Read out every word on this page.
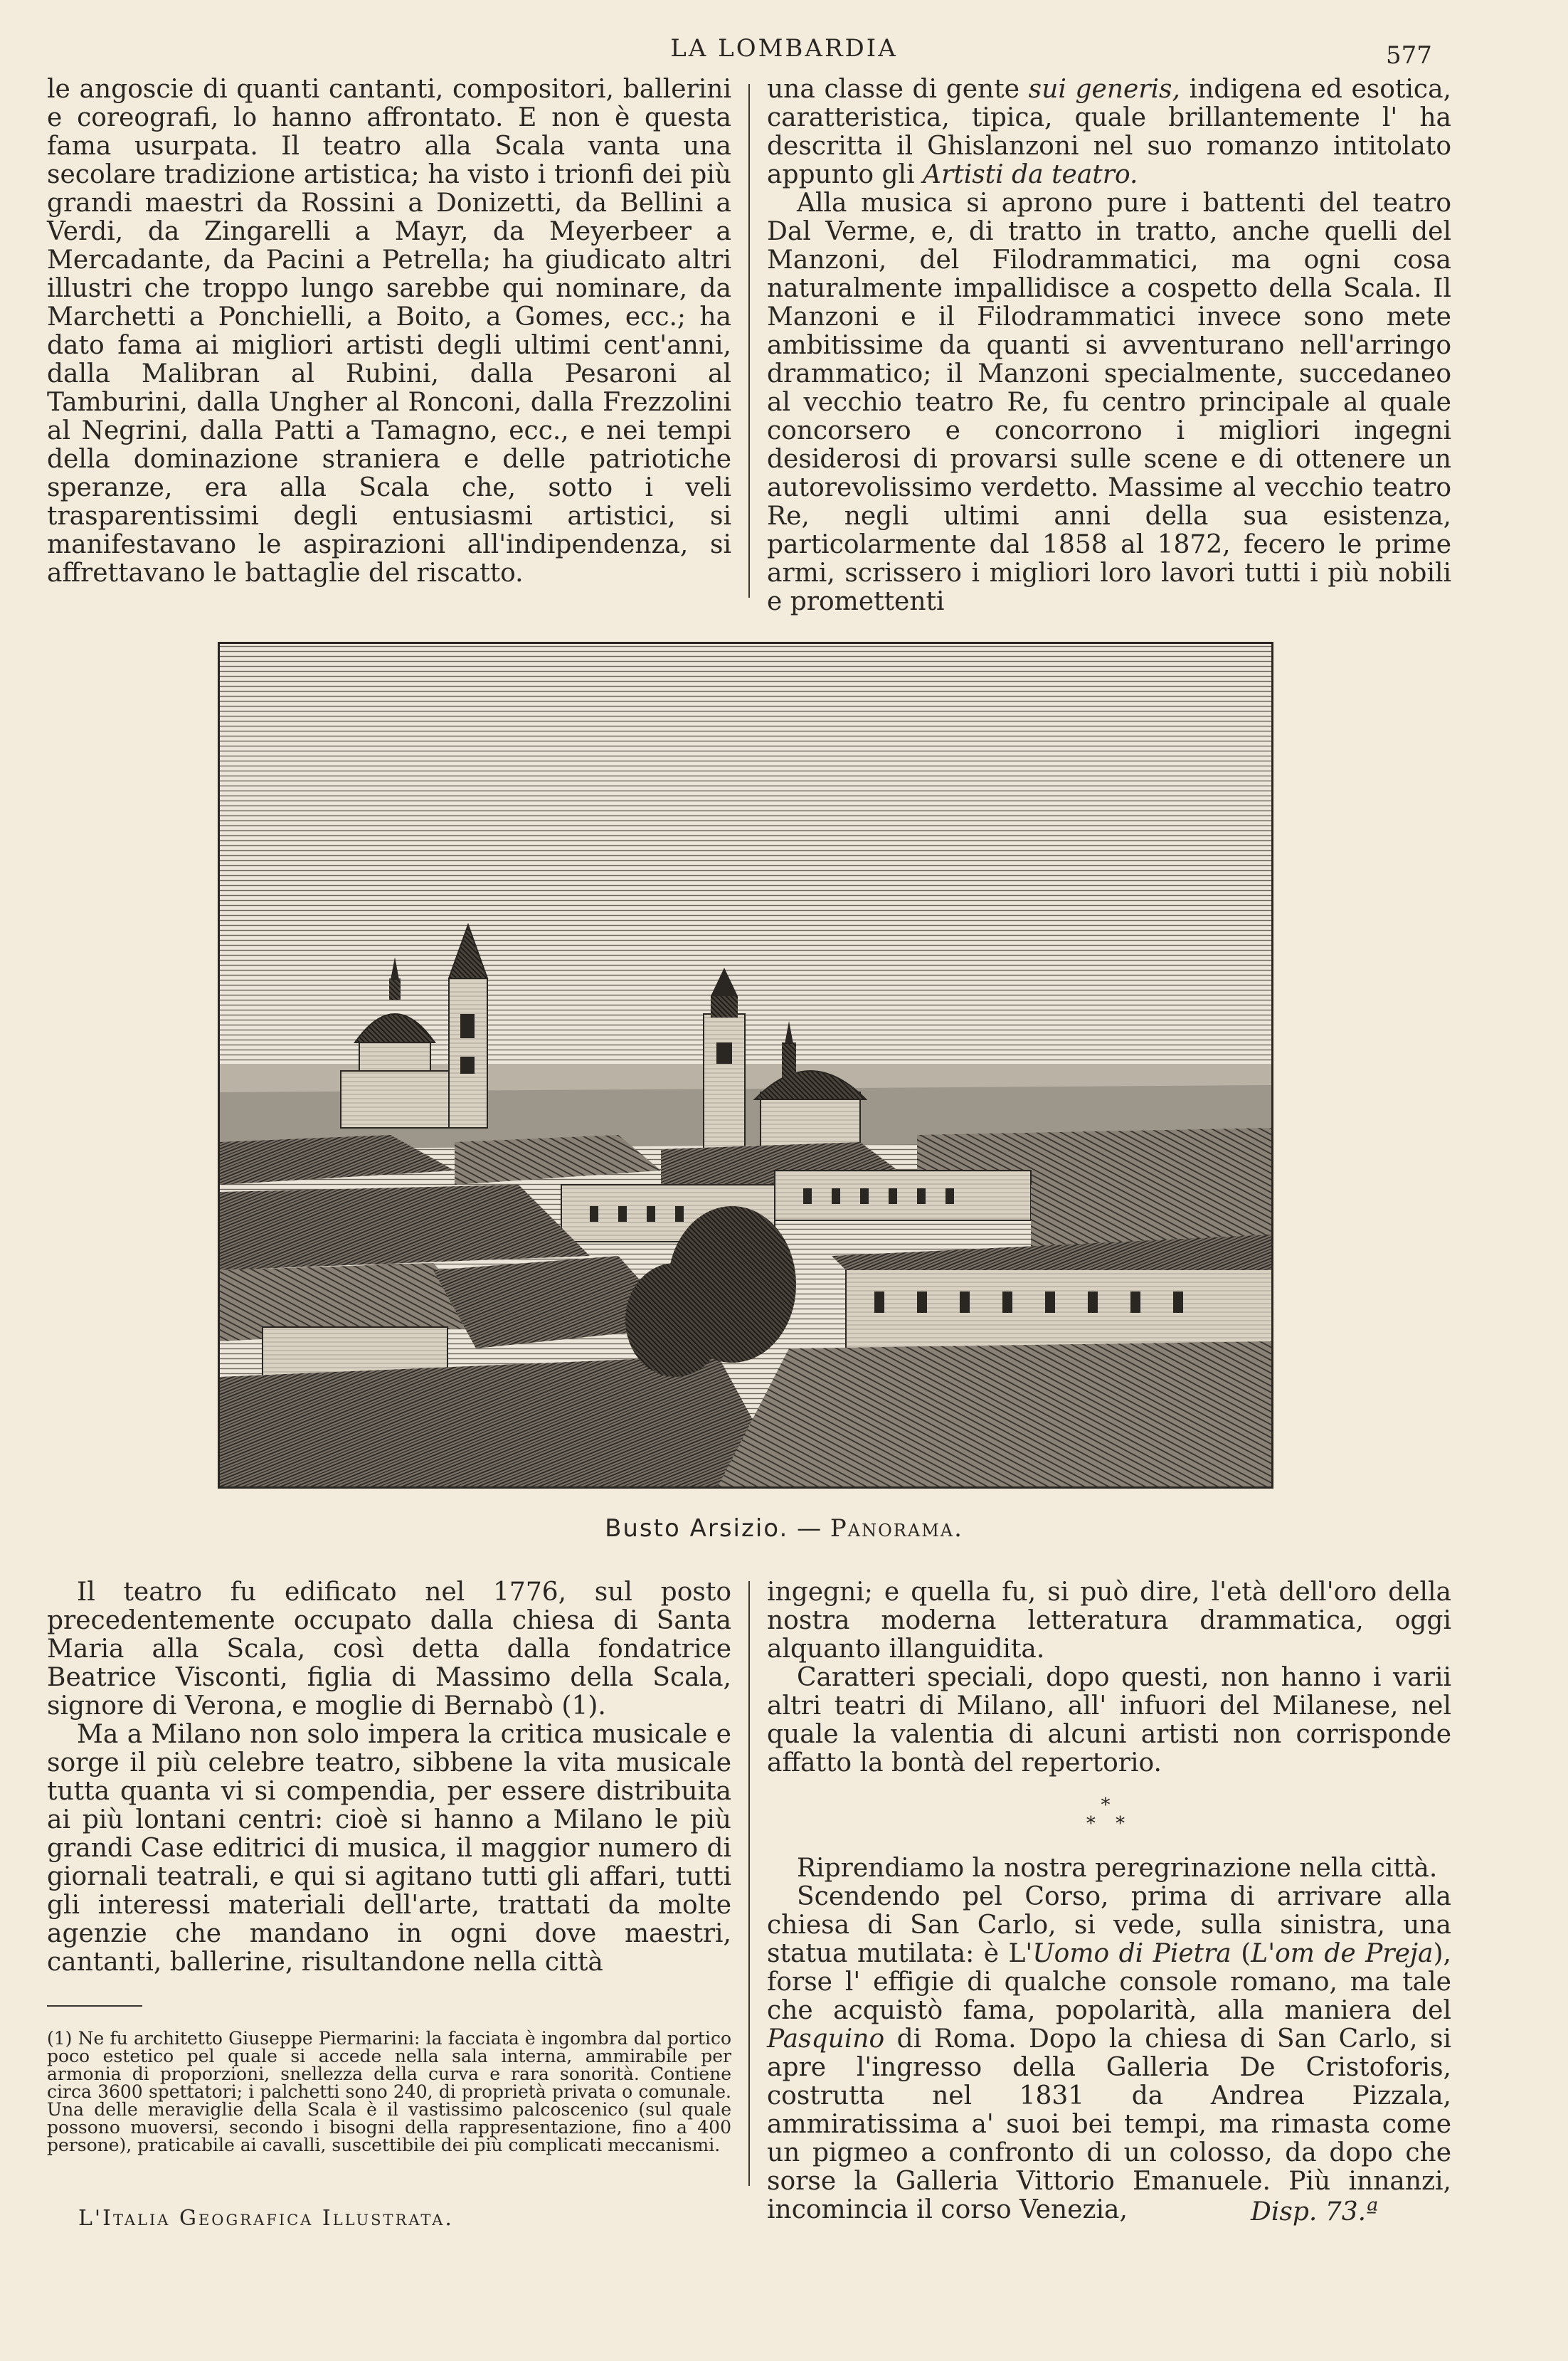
LA LOMBARDIA	577

le angoscie di quanti cantanti, compositori, ballerini e coreografi, lo hanno affrontato. E non è questa fama usurpata. Il teatro alla Scala vanta una secolare tradizione artistica; ha visto i trionfi dei più grandi maestri da Rossini a Donizetti, da Bellini a Verdi, da Zingarelli a Mayr, da Meyerbeer a Mercadante, da Pacini a Petrella; ha giudicato altri illustri che troppo lungo sarebbe qui nominare, da Marchetti a Ponchielli, a Boito, a Gomes, ecc.; ha dato fama ai migliori artisti degli ultimi cent'anni, dalla Malibran al Rubini, dalla Pesaroni al Tamburini, dalla Ungher al Ronconi, dalla Frezzolini al Negrini, dalla Patti a Tamagno, ecc., e nei tempi della dominazione straniera e delle patriotiche speranze, era alla Scala che, sotto i veli trasparentissimi degli entusiasmi artistici, si manifestavano le aspirazioni all'indipendenza, si affrettavano le battaglie del riscatto.

una classe di gente sui generis, indigena ed esotica, caratteristica, tipica, quale brillantemente l' ha descritta il Ghislanzoni nel suo romanzo intitolato appunto gli Artisti da teatro.

Alla musica si aprono pure i battenti del teatro Dal Verme, e, di tratto in tratto, anche quelli del Manzoni, del Filodrammatici, ma ogni cosa naturalmente impallidisce a cospetto della Scala. Il Manzoni e il Filodrammatici invece sono mete ambitissime da quanti si avventurano nell'arringo drammatico; il Manzoni specialmente, succedaneo al vecchio teatro Re, fu centro principale al quale concorsero e concorrono i migliori ingegni desiderosi di provarsi sulle scene e di ottenere un autorevolissimo verdetto. Massime al vecchio teatro Re, negli ultimi anni della sua esistenza, particolarmente dal 1858 al 1872, fecero le prime armi, scrissero i migliori loro lavori tutti i più nobili e promettenti

Busto Arsizio. — Panorama.

Il teatro fu edificato nel 1776, sul posto precedentemente occupato dalla chiesa di Santa Maria alla Scala, così detta dalla fondatrice Beatrice Visconti, figlia di Massimo della Scala, signore di Verona, e moglie di Bernabò (1).

Ma a Milano non solo impera la critica musicale e sorge il più celebre teatro, sibbene la vita musicale tutta quanta vi si compendia, per essere distribuita ai più lontani centri: cioè si hanno a Milano le più grandi Case editrici di musica, il maggior numero di giornali teatrali, e qui si agitano tutti gli affari, tutti gli interessi materiali dell'arte, trattati da molte agenzie che mandano in ogni dove maestri, cantanti, ballerine, risultandone nella città

ingegni; e quella fu, si può dire, l'età dell'oro della nostra moderna letteratura drammatica, oggi alquanto illanguidita.

Caratteri speciali, dopo questi, non hanno i varii altri teatri di Milano, all' infuori del Milanese, nel quale la valentia di alcuni artisti non corrisponde affatto la bontà del repertorio.

*
* *

Riprendiamo la nostra peregrinazione nella città.

Scendendo pel Corso, prima di arrivare alla chiesa di San Carlo, si vede, sulla sinistra, una statua mutilata: è L'Uomo di Pietra (L'om de Preja), forse l' effigie di qualche console romano, ma tale che acquistò fama, popolarità, alla maniera del Pasquino di Roma. Dopo la chiesa di San Carlo, si apre l'ingresso della Galleria De Cristoforis, costrutta nel 1831 da Andrea Pizzala, ammiratissima a' suoi bei tempi, ma rimasta come un pigmeo a confronto di un colosso, da dopo che sorse la Galleria Vittorio Emanuele. Più innanzi, incomincia il corso Venezia,

(1) Ne fu architetto Giuseppe Piermarini: la facciata è ingombra dal portico poco estetico pel quale si accede nella sala interna, ammirabile per armonia di proporzioni, snellezza della curva e rara sonorità. Contiene circa 3600 spettatori; i palchetti sono 240, di proprietà privata o comunale. Una delle meraviglie della Scala è il vastissimo palcoscenico (sul quale possono muoversi, secondo i bisogni della rappresentazione, fino a 400 persone), praticabile ai cavalli, suscettibile dei più complicati meccanismi.
L'Italia Geografica Illustrata.	Disp. 73.ª
